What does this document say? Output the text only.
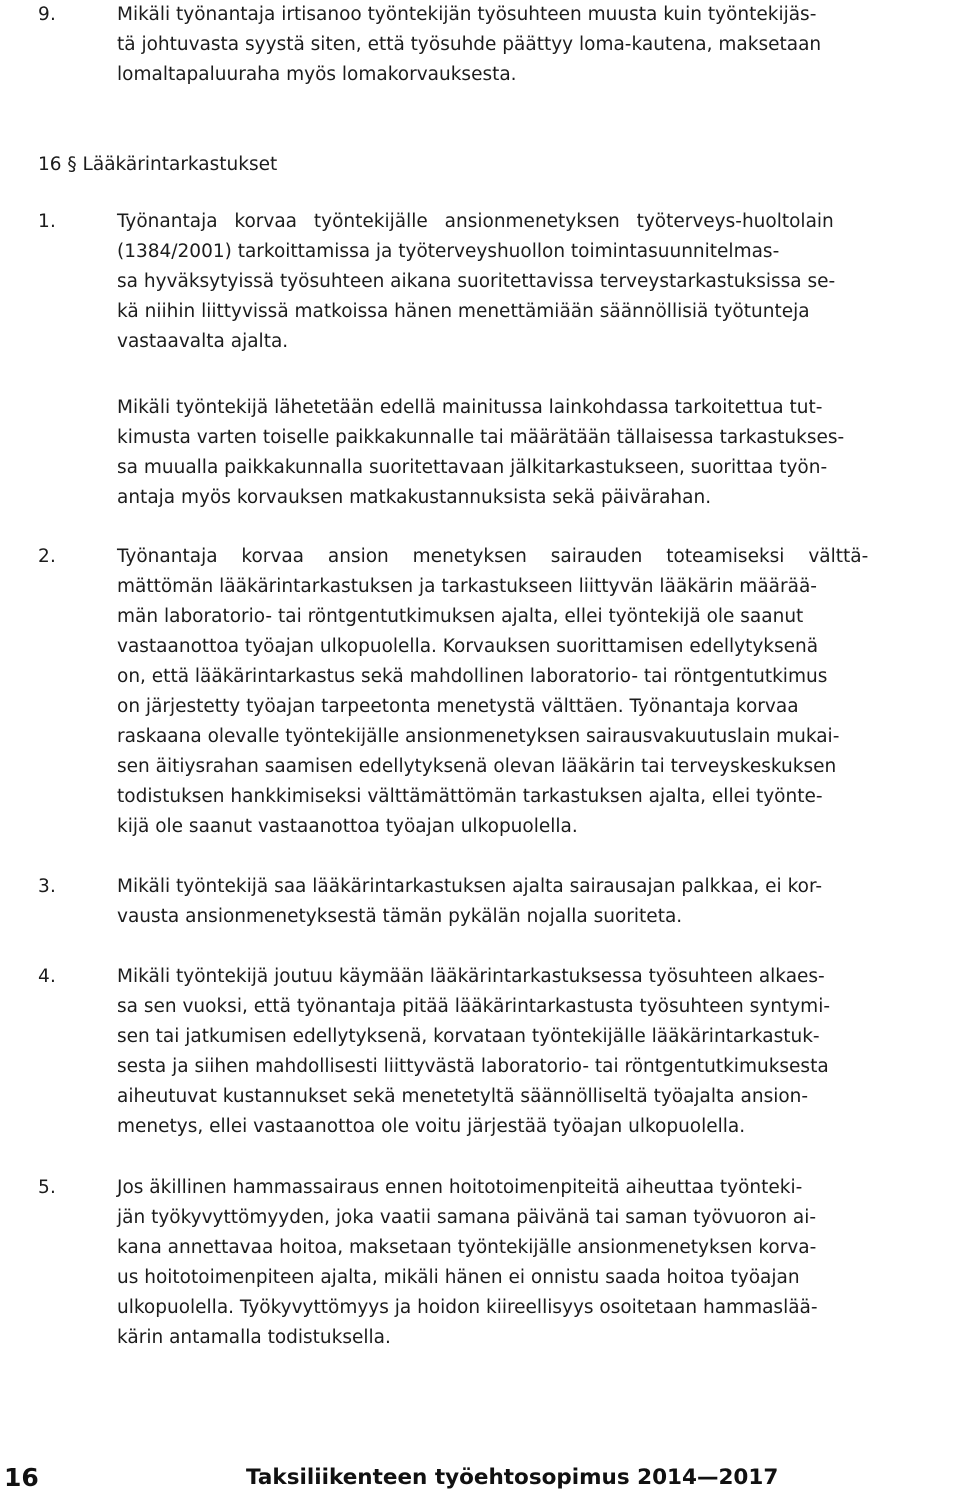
9.	Mikäli työnantaja irtisanoo työntekijän työsuhteen muusta kuin työntekijäs-
tä johtuvasta syystä siten, että työsuhde päättyy loma-kautena, maksetaan
lomaltapaluuraha myös lomakorvauksesta.
16 § Lääkärintarkastukset
1.	Työnantaja korvaa työntekijälle ansionmenetyksen työterveys-huoltolain
(1384/2001) tarkoittamissa ja työterveyshuollon toimintasuunnitelmas-
sa hyväksytyissä työsuhteen aikana suoritettavissa terveystarkastuksissa se-
kä niihin liittyvissä matkoissa hänen menettämiään säännöllisiä työtunteja
vastaavalta ajalta.
Mikäli työntekijä lähetetään edellä mainitussa lainkohdassa tarkoitettua tut-
kimusta varten toiselle paikkakunnalle tai määrätään tällaisessa tarkastukses-
sa muualla paikkakunnalla suoritettavaan jälkitarkastukseen, suorittaa työn-
antaja myös korvauksen matkakustannuksista sekä päivärahan.
2.	Työnantaja korvaa ansion menetyksen sairauden toteamiseksi välttä-
mättömän lääkärintarkastuksen ja tarkastukseen liittyvän lääkärin määrää-
män laboratorio- tai röntgentutkimuksen ajalta, ellei työntekijä ole saanut
vastaanottoa työajan ulkopuolella. Korvauksen suorittamisen edellytyksenä
on, että lääkärintarkastus sekä mahdollinen laboratorio- tai röntgentutkimus
on järjestetty työajan tarpeetonta menetystä välttäen. Työnantaja korvaa
raskaana olevalle työntekijälle ansionmenetyksen sairausvakuutuslain mukai-
sen äitiysrahan saamisen edellytyksenä olevan lääkärin tai terveyskeskuksen
todistuksen hankkimiseksi välttämättömän tarkastuksen ajalta, ellei työnte-
kijä ole saanut vastaanottoa työajan ulkopuolella.
3.	Mikäli työntekijä saa lääkärintarkastuksen ajalta sairausajan palkkaa, ei kor-
vausta ansionmenetyksestä tämän pykälän nojalla suoriteta.
4.	Mikäli työntekijä joutuu käymään lääkärintarkastuksessa työsuhteen alkaes-
sa sen vuoksi, että työnantaja pitää lääkärintarkastusta työsuhteen syntymi-
sen tai jatkumisen edellytyksenä, korvataan työntekijälle lääkärintarkastuk-
sesta ja siihen mahdollisesti liittyvästä laboratorio- tai röntgentutkimuksesta
aiheutuvat kustannukset sekä menetetyltä säännölliseltä työajalta ansion-
menetys, ellei vastaanottoa ole voitu järjestää työajan ulkopuolella.
5.	Jos äkillinen hammassairaus ennen hoitotoimenpiteitä aiheuttaa työnteki-
jän työkyvyttömyyden, joka vaatii samana päivänä tai saman työvuoron ai-
kana annettavaa hoitoa, maksetaan työntekijälle ansionmenetyksen korva-
us hoitotoimenpiteen ajalta, mikäli hänen ei onnistu saada hoitoa työajan
ulkopuolella. Työkyvyttömyys ja hoidon kiireellisyys osoitetaan hammaslää-
kärin antamalla todistuksella.
16	Taksiliikenteen työehtosopimus 2014—2017
